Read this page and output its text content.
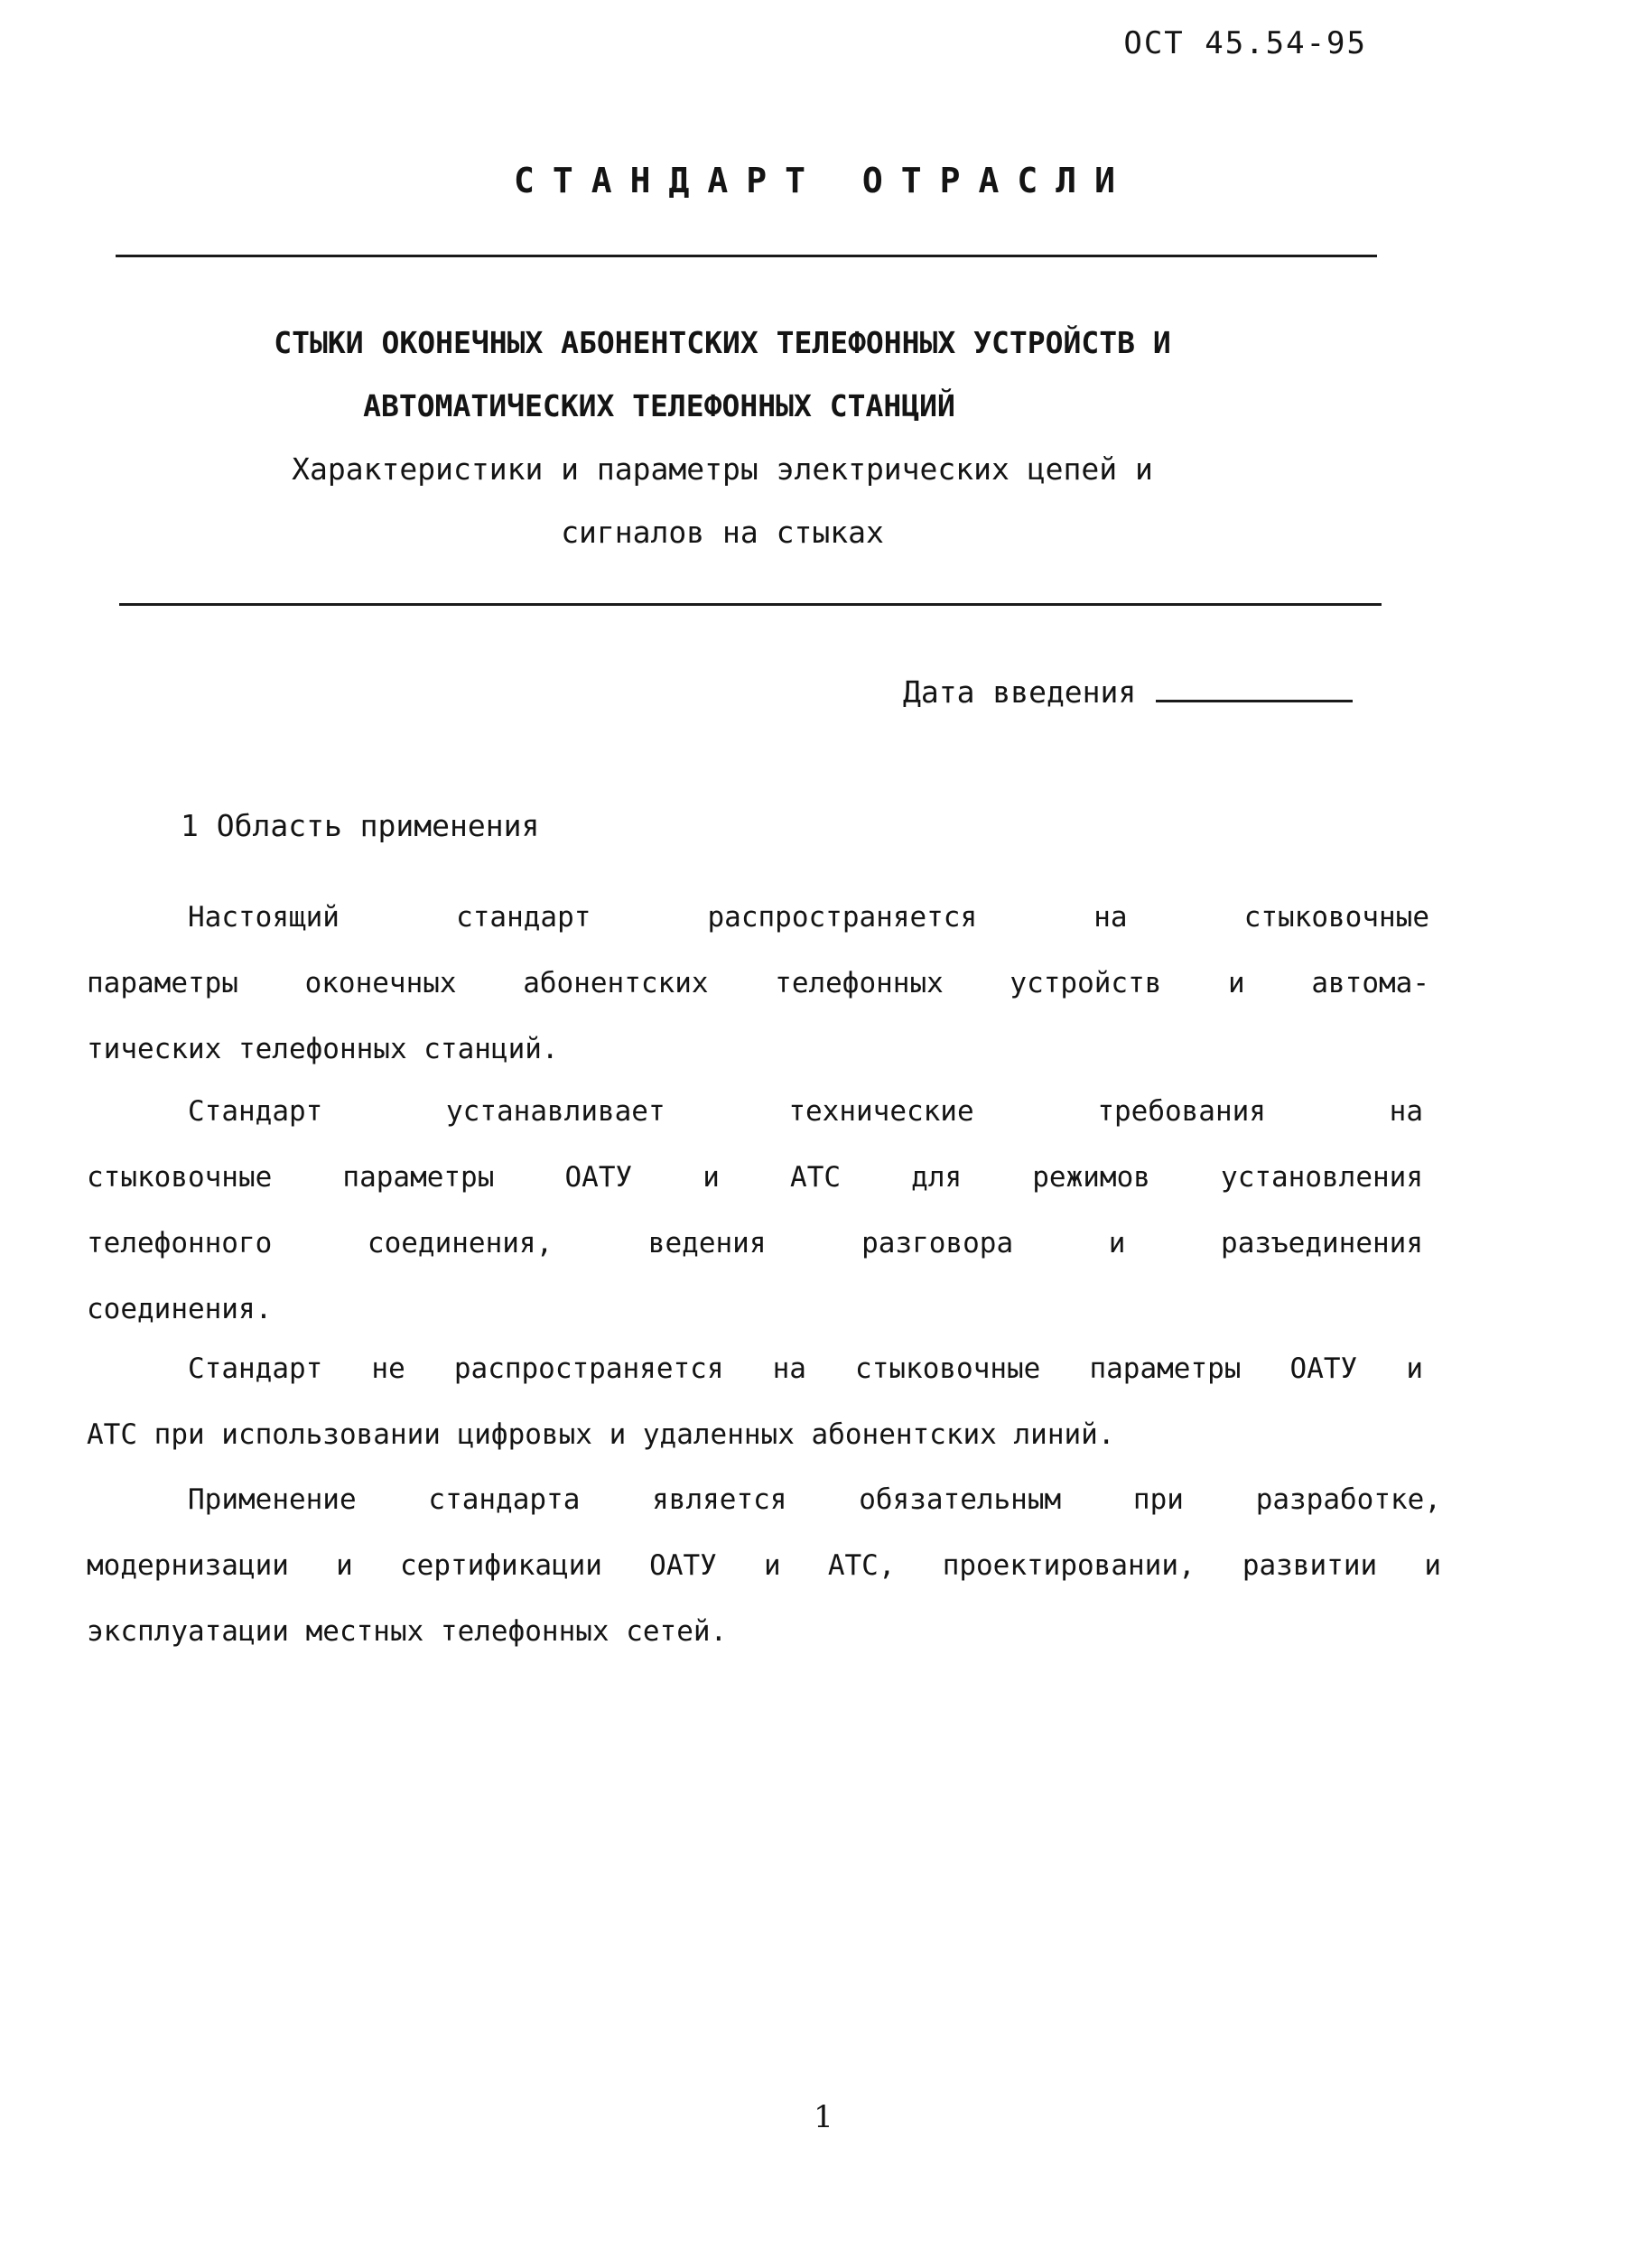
ОСТ 45.54-95
СТАНДАРТ ОТРАСЛИ
СТЫКИ ОКОНЕЧНЫХ АБОНЕНТСКИХ ТЕЛЕФОННЫХ УСТРОЙСТВ И
АВТОМАТИЧЕСКИХ ТЕЛЕФОННЫХ СТАНЦИЙ
Характеристики и параметры электрических цепей и
сигналов на стыках
Дата введения
1 Область применения
Настоящий стандарт распространяется на стыковочные
параметры оконечных абонентских телефонных устройств и автома-
тических телефонных станций.
Стандарт устанавливает технические требования на
стыковочные параметры ОАТУ и АТС для режимов установления
телефонного соединения, ведения разговора и разъединения
соединения.
Стандарт не распространяется на стыковочные параметры ОАТУ и
АТС при использовании цифровых и удаленных абонентских линий.
Применение стандарта является обязательным при разработке,
модернизации и сертификации ОАТУ и АТС, проектировании, развитии и
эксплуатации местных телефонных сетей.
1
